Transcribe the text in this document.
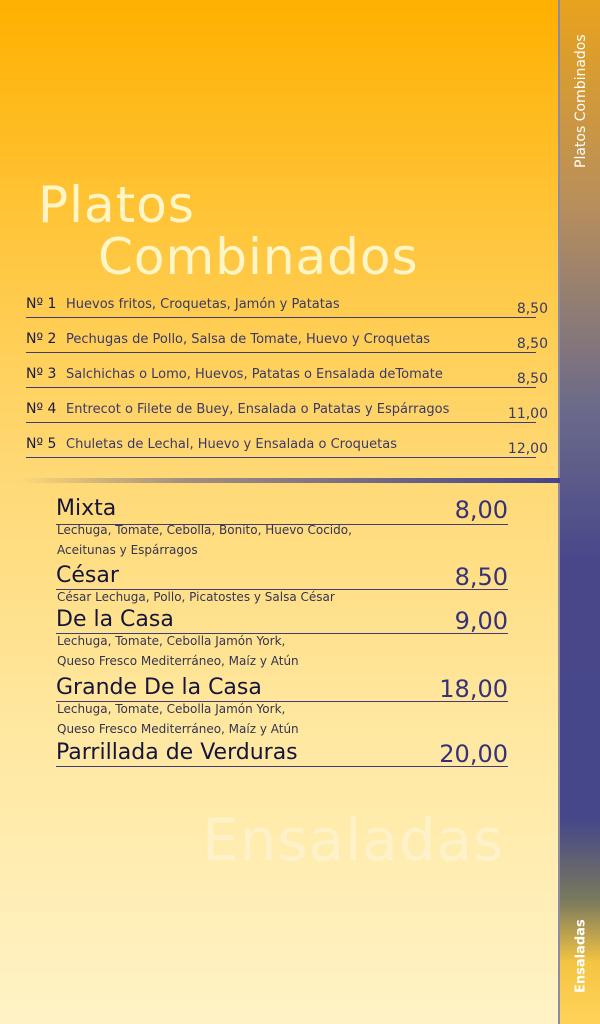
Platos Combinados
Ensaladas
Platos
Combinados
Nº 1 Huevos fritos, Croquetas, Jamón y Patatas	8,50
Nº 2 Pechugas de Pollo, Salsa de Tomate, Huevo y Croquetas	8,50
Nº 3 Salchichas o Lomo, Huevos, Patatas o Ensalada deTomate	8,50
Nº 4 Entrecot o Filete de Buey, Ensalada o Patatas y Espárragos	11,00
Nº 5 Chuletas de Lechal, Huevo y Ensalada o Croquetas	12,00
Ensaladas
Mixta	8,00
Lechuga, Tomate, Cebolla, Bonito, Huevo Cocido,
Aceitunas y Espárragos
César	8,50
César Lechuga, Pollo, Picatostes y Salsa César
De la Casa	9,00
Lechuga, Tomate, Cebolla Jamón York,
Queso Fresco Mediterráneo, Maíz y Atún
Grande De la Casa	18,00
Lechuga, Tomate, Cebolla Jamón York,
Queso Fresco Mediterráneo, Maíz y Atún
Parrillada de Verduras	20,00
